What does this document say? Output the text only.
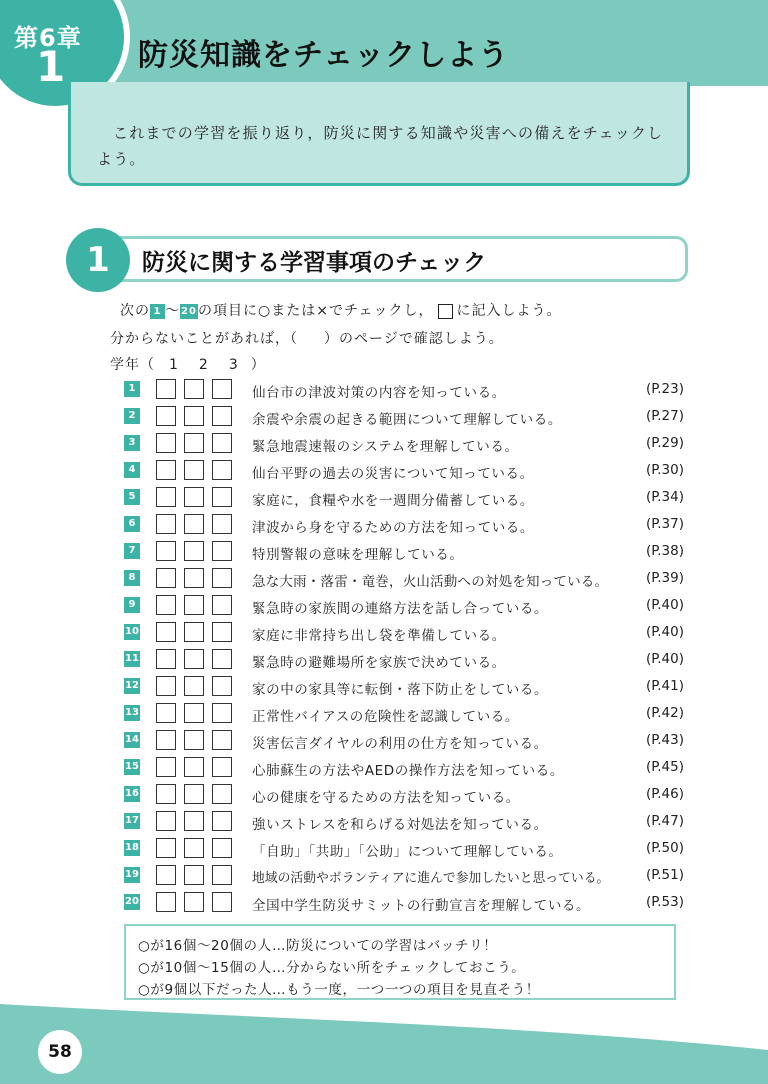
第6章
1 防災知識をチェックしよう
これまでの学習を振り返り，防災に関する知識や災害への備えをチェックしよう。
1	防災に関する学習事項のチェック
次の 1 ～20の項目に○または×でチェックし， に記入しよう。
分からないことがあれば，（ ）のページで確認しよう。
学年（ 1 2 3 ）
1	仙台市の津波対策の内容を知っている。	(P.23)
2	余震や余震の起きる範囲について理解している。	(P.27)
3	緊急地震速報のシステムを理解している。	(P.29)
4	仙台平野の過去の災害について知っている。	(P.30)
5	家庭に，食糧や水を一週間分備蓄している。	(P.34)
6	津波から身を守るための方法を知っている。	(P.37)
7	特別警報の意味を理解している。	(P.38)
8	急な大雨・落雷・竜巻，火山活動への対処を知っている。	(P.39)
9	緊急時の家族間の連絡方法を話し合っている。	(P.40)
10	家庭に非常持ち出し袋を準備している。	(P.40)
11	緊急時の避難場所を家族で決めている。	(P.40)
12	家の中の家具等に転倒・落下防止をしている。	(P.41)
13	正常性バイアスの危険性を認識している。	(P.42)
14	災害伝言ダイヤルの利用の仕方を知っている。	(P.43)
15	心肺蘇生の方法やAEDの操作方法を知っている。	(P.45)
16	心の健康を守るための方法を知っている。	(P.46)
17	強いストレスを和らげる対処法を知っている。	(P.47)
18	「自助」「共助」「公助」について理解している。	(P.50)
19	地域の活動やボランティアに進んで参加したいと思っている。	(P.51)
20	全国中学生防災サミットの行動宣言を理解している。	(P.53)
○が16個～20個の人…防災についての学習はバッチリ！
○が10個～15個の人…分からない所をチェックしておこう。
○が9個以下だった人…もう一度，一つ一つの項目を見直そう！
58
